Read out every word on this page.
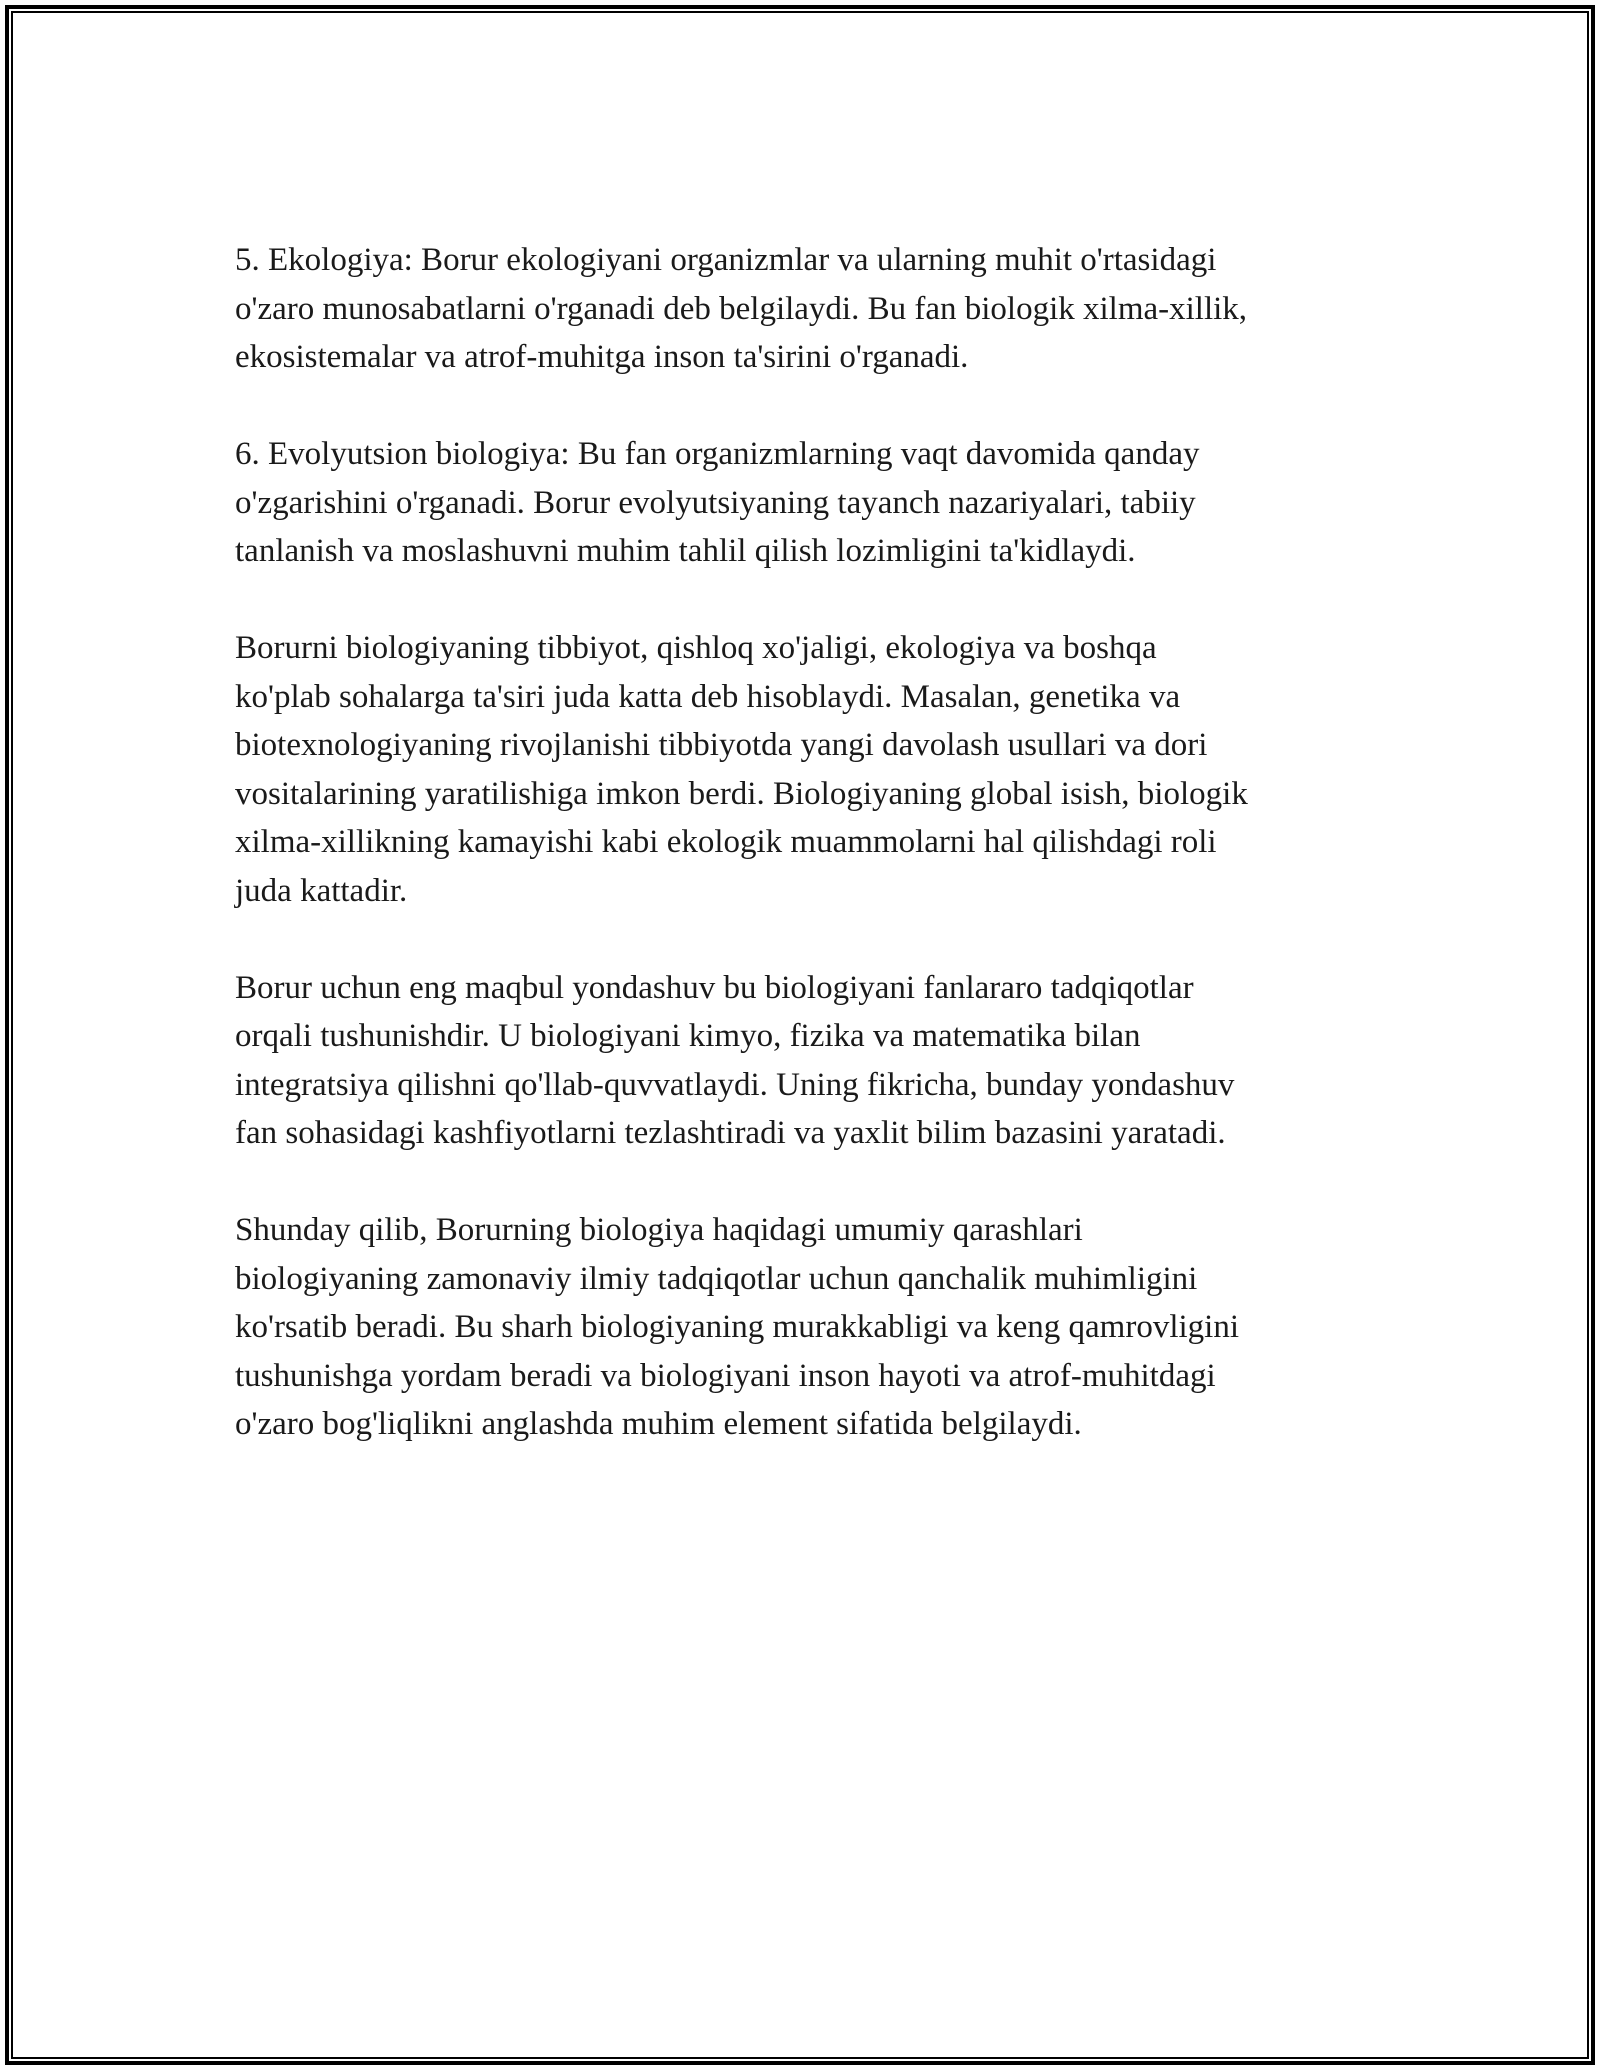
5. Ekologiya: Borur ekologiyani organizmlar va ularning muhit o'rtasidagi
o'zaro munosabatlarni o'rganadi deb belgilaydi. Bu fan biologik xilma-xillik,
ekosistemalar va atrof-muhitga inson ta'sirini o'rganadi.

6. Evolyutsion biologiya: Bu fan organizmlarning vaqt davomida qanday
o'zgarishini o'rganadi. Borur evolyutsiyaning tayanch nazariyalari, tabiiy
tanlanish va moslashuvni muhim tahlil qilish lozimligini ta'kidlaydi.

Borurni biologiyaning tibbiyot, qishloq xo'jaligi, ekologiya va boshqa
ko'plab sohalarga ta'siri juda katta deb hisoblaydi. Masalan, genetika va
biotexnologiyaning rivojlanishi tibbiyotda yangi davolash usullari va dori
vositalarining yaratilishiga imkon berdi. Biologiyaning global isish, biologik
xilma-xillikning kamayishi kabi ekologik muammolarni hal qilishdagi roli
juda kattadir.

Borur uchun eng maqbul yondashuv bu biologiyani fanlararo tadqiqotlar
orqali tushunishdir. U biologiyani kimyo, fizika va matematika bilan
integratsiya qilishni qo'llab-quvvatlaydi. Uning fikricha, bunday yondashuv
fan sohasidagi kashfiyotlarni tezlashtiradi va yaxlit bilim bazasini yaratadi.

Shunday qilib, Borurning biologiya haqidagi umumiy qarashlari
biologiyaning zamonaviy ilmiy tadqiqotlar uchun qanchalik muhimligini
ko'rsatib beradi. Bu sharh biologiyaning murakkabligi va keng qamrovligini
tushunishga yordam beradi va biologiyani inson hayoti va atrof-muhitdagi
o'zaro bog'liqlikni anglashda muhim element sifatida belgilaydi.
